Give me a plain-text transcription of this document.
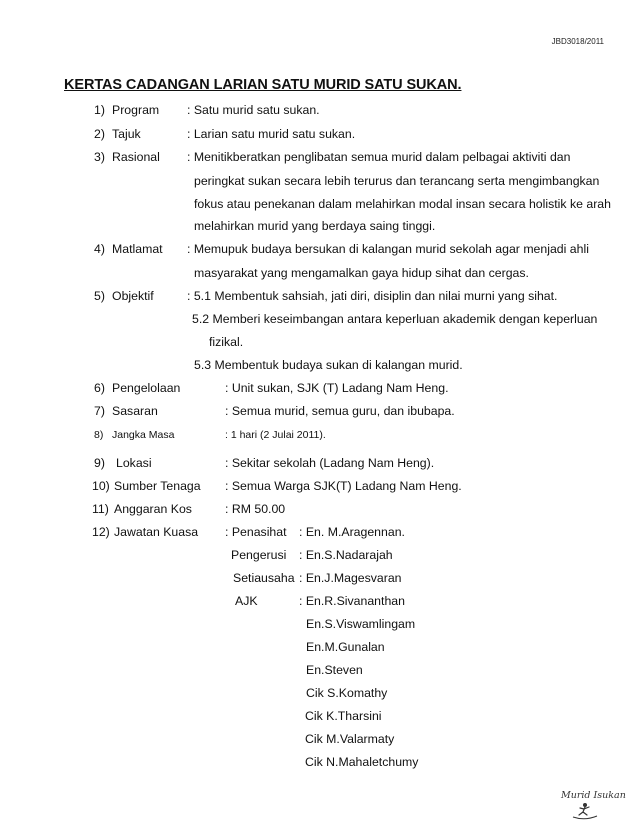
JBD3018/2011
KERTAS CADANGAN LARIAN SATU MURID SATU SUKAN.
1) Program : Satu murid satu sukan.
2) Tajuk	: Larian satu murid satu sukan.
3) Rasional : Menitikberatkan penglibatan semua murid dalam pelbagai aktiviti dan
peringkat sukan secara lebih terurus dan terancang serta mengimbangkan
fokus atau penekanan dalam melahirkan modal insan secara holistik ke arah
melahirkan murid yang berdaya saing tinggi.
4) Matlamat : Memupuk budaya bersukan di kalangan murid sekolah agar menjadi ahli
masyarakat yang mengamalkan gaya hidup sihat dan cergas.
5) Objektif	: 5.1 Membentuk sahsiah, jati diri, disiplin dan nilai murni yang sihat.
5.2 Memberi keseimbangan antara keperluan akademik dengan keperluan
fizikal.
5.3 Membentuk budaya sukan di kalangan murid.
6) Pengelolaan	: Unit sukan, SJK (T) Ladang Nam Heng.
7) Sasaran	: Semua murid, semua guru, dan ibubapa.
8) Jangka Masa	: 1 hari (2 Julai 2011).
9) Lokasi	: Sekitar sekolah (Ladang Nam Heng).
10) Sumber Tenaga : Semua Warga SJK(T) Ladang Nam Heng.
11) Anggaran Kos	: RM 50.00
12) Jawatan Kuasa : Penasihat : En. M.Aragennan.
Pengerusi : En.S.Nadarajah
Setiausaha : En.J.Magesvaran
AJK	: En.R.Sivananthan
En.S.Viswamlingam
En.M.Gunalan
En.Steven
Cik S.Komathy
Cik K.Tharsini
Cik M.Valarmaty
Cik N.Mahaletchumy
Murid Isukan
